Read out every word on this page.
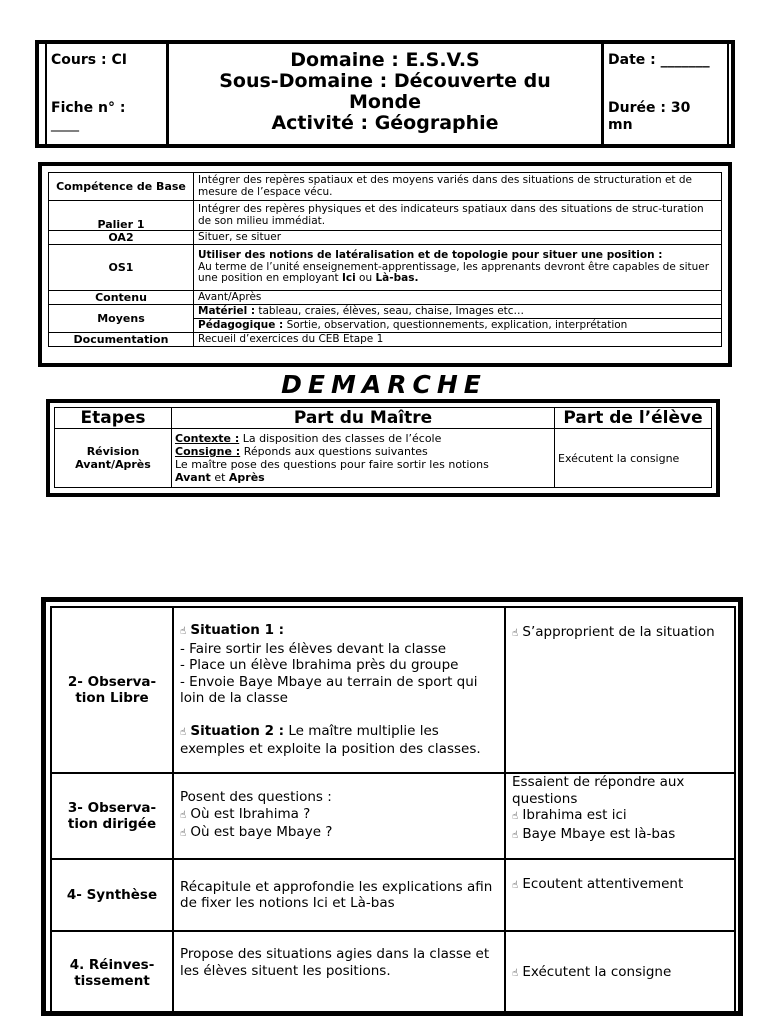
Cours : CI
Fiche n° :
____
Domaine : E.S.V.S
Sous-Domaine : Découverte du
Monde
Activité : Géographie
Date : _______
Durée : 30
mn
Compétence de Base	Intégrer des repères spatiaux et des moyens variés dans des situations de structuration et de mesure de l’espace vécu.
Palier 1	Intégrer des repères physiques et des indicateurs spatiaux dans des situations de struc-turation de son milieu immédiat.
OA2	Situer, se situer
OS1	Utiliser des notions de latéralisation et de topologie pour situer une position :
Au terme de l’unité enseignement-apprentissage, les apprenants devront être capables de situer une position en employant Ici ou Là-bas.
Contenu	Avant/Après
Moyens	Matériel : tableau, craies, élèves, seau, chaise, Images etc…
	Pédagogique : Sortie, observation, questionnements, explication, interprétation
Documentation	Recueil d’exercices du CEB Etape 1
DEMARCHE
Etapes	Part du Maître	Part de l’élève
Révision Avant/Après	Contexte : La disposition des classes de l’école
Consigne : Réponds aux questions suivantes
Le maître pose des questions pour faire sortir les notions
Avant et Après	Exécutent la consigne
2- Observa-tion Libre	☝ Situation 1 :
- Faire sortir les élèves devant la classe
- Place un élève Ibrahima près du groupe
- Envoie Baye Mbaye au terrain de sport qui loin de la classe

☝ Situation 2 : Le maître multiplie les exemples et exploite la position des classes.	☝ S’approprient de la situation
3- Observa-tion dirigée	Posent des questions :
☝ Où est Ibrahima ?
☝ Où est baye Mbaye ?	Essaient de répondre aux questions
☝ Ibrahima est ici
☝ Baye Mbaye est là-bas
4- Synthèse	Récapitule et approfondie les explications afin de fixer les notions Ici et Là-bas	☝ Ecoutent attentivement
4. Réinves-tissement	Propose des situations agies dans la classe et les élèves situent les positions.	☝ Exécutent la consigne
